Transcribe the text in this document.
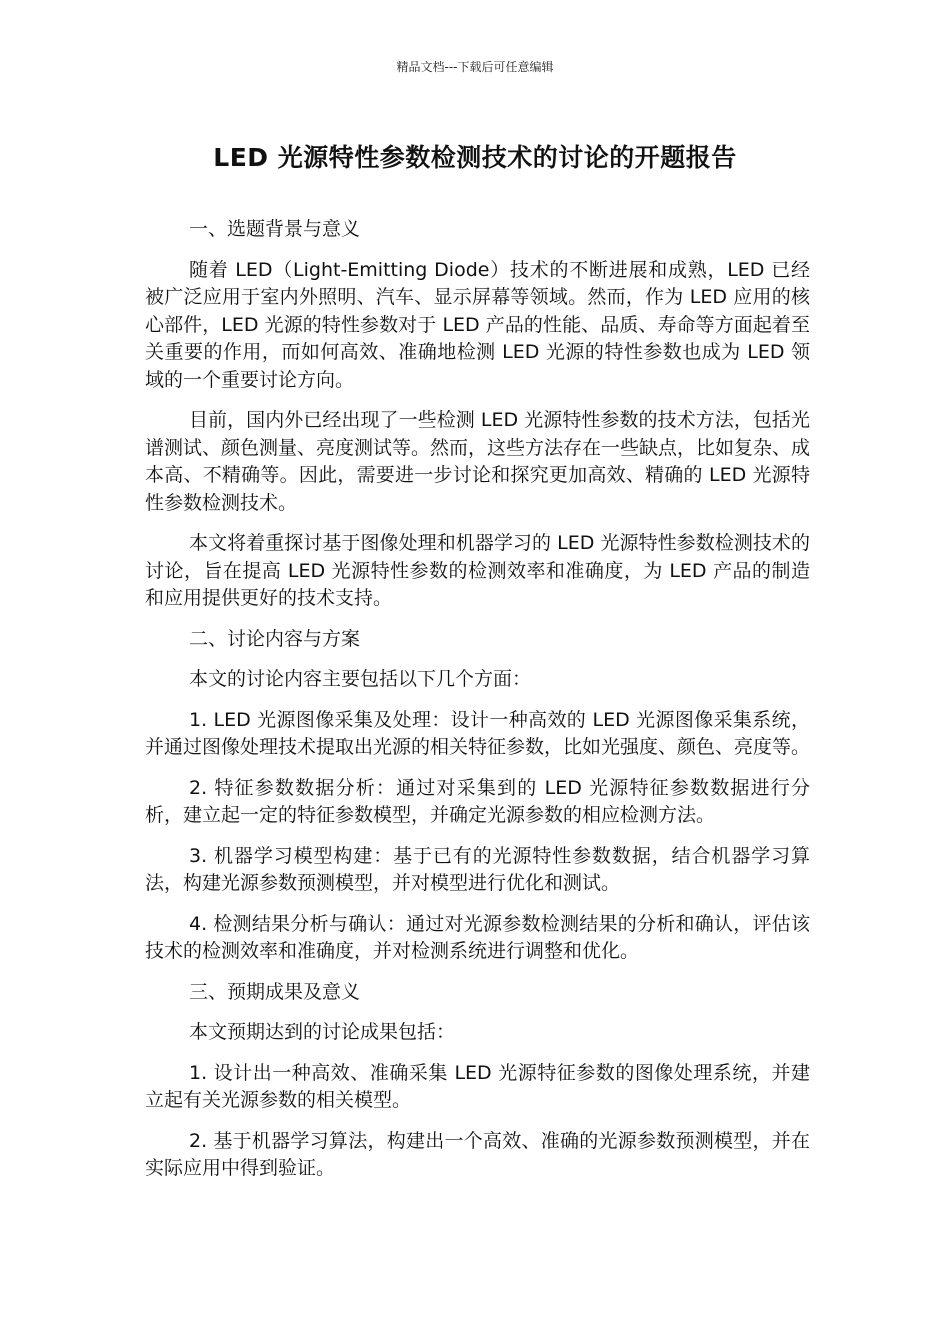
精品文档---下载后可任意编辑
LED 光源特性参数检测技术的讨论的开题报告

一、选题背景与意义

随着 LED（Light-Emitting Diode）技术的不断进展和成熟，LED 已经被广泛应用于室内外照明、汽车、显示屏幕等领域。然而，作为 LED 应用的核心部件，LED 光源的特性参数对于 LED 产品的性能、品质、寿命等方面起着至关重要的作用，而如何高效、准确地检测 LED 光源的特性参数也成为 LED 领域的一个重要讨论方向。

目前，国内外已经出现了一些检测 LED 光源特性参数的技术方法，包括光谱测试、颜色测量、亮度测试等。然而，这些方法存在一些缺点，比如复杂、成本高、不精确等。因此，需要进一步讨论和探究更加高效、精确的 LED 光源特性参数检测技术。

本文将着重探讨基于图像处理和机器学习的 LED 光源特性参数检测技术的讨论，旨在提高 LED 光源特性参数的检测效率和准确度，为 LED 产品的制造和应用提供更好的技术支持。

二、讨论内容与方案

本文的讨论内容主要包括以下几个方面：

1. LED 光源图像采集及处理：设计一种高效的 LED 光源图像采集系统，并通过图像处理技术提取出光源的相关特征参数，比如光强度、颜色、亮度等。

2. 特征参数数据分析：通过对采集到的 LED 光源特征参数数据进行分析，建立起一定的特征参数模型，并确定光源参数的相应检测方法。

3. 机器学习模型构建：基于已有的光源特性参数数据，结合机器学习算法，构建光源参数预测模型，并对模型进行优化和测试。

4. 检测结果分析与确认：通过对光源参数检测结果的分析和确认，评估该技术的检测效率和准确度，并对检测系统进行调整和优化。

三、预期成果及意义

本文预期达到的讨论成果包括：

1. 设计出一种高效、准确采集 LED 光源特征参数的图像处理系统，并建立起有关光源参数的相关模型。

2. 基于机器学习算法，构建出一个高效、准确的光源参数预测模型，并在实际应用中得到验证。
